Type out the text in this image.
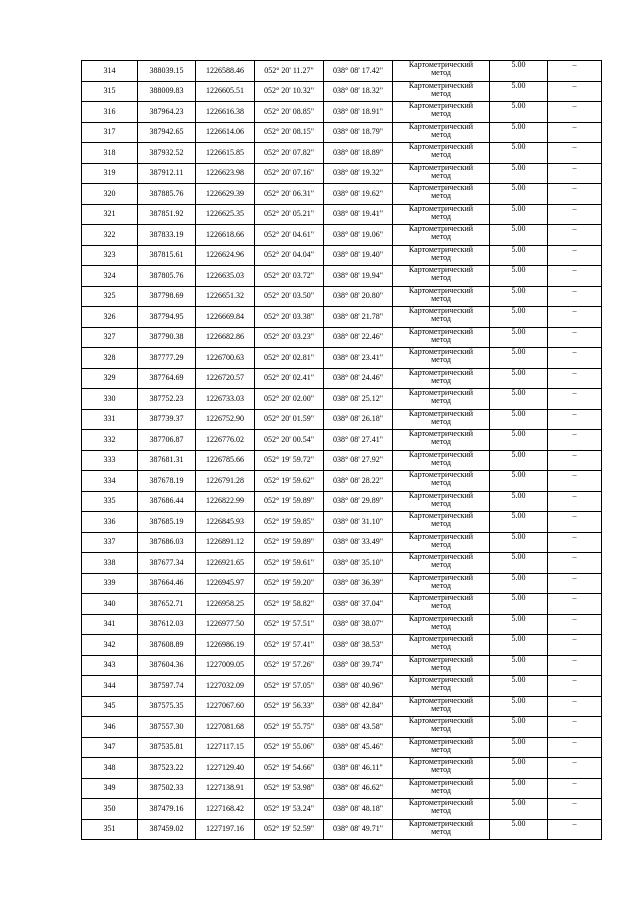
314	388039.15	1226588.46	052° 20' 11.27"	038° 08' 17.42"	Картометрический
метод	5.00	–
315	388009.83	1226605.51	052° 20' 10.32"	038° 08' 18.32"	Картометрический
метод	5.00	–
316	387964.23	1226616.38	052° 20' 08.85"	038° 08' 18.91"	Картометрический
метод	5.00	–
317	387942.65	1226614.06	052° 20' 08.15"	038° 08' 18.79"	Картометрический
метод	5.00	–
318	387932.52	1226615.85	052° 20' 07.82"	038° 08' 18.89"	Картометрический
метод	5.00	–
319	387912.11	1226623.98	052° 20' 07.16"	038° 08' 19.32"	Картометрический
метод	5.00	–
320	387885.76	1226629.39	052° 20' 06.31"	038° 08' 19.62"	Картометрический
метод	5.00	–
321	387851.92	1226625.35	052° 20' 05.21"	038° 08' 19.41"	Картометрический
метод	5.00	–
322	387833.19	1226618.66	052° 20' 04.61"	038° 08' 19.06"	Картометрический
метод	5.00	–
323	387815.61	1226624.96	052° 20' 04.04"	038° 08' 19.40"	Картометрический
метод	5.00	–
324	387805.76	1226635.03	052° 20' 03.72"	038° 08' 19.94"	Картометрический
метод	5.00	–
325	387798.69	1226651.32	052° 20' 03.50"	038° 08' 20.80"	Картометрический
метод	5.00	–
326	387794.95	1226669.84	052° 20' 03.38"	038° 08' 21.78"	Картометрический
метод	5.00	–
327	387790.38	1226682.86	052° 20' 03.23"	038° 08' 22.46"	Картометрический
метод	5.00	–
328	387777.29	1226700.63	052° 20' 02.81"	038° 08' 23.41"	Картометрический
метод	5.00	–
329	387764.69	1226720.57	052° 20' 02.41"	038° 08' 24.46"	Картометрический
метод	5.00	–
330	387752.23	1226733.03	052° 20' 02.00"	038° 08' 25.12"	Картометрический
метод	5.00	–
331	387739.37	1226752.90	052° 20' 01.59"	038° 08' 26.18"	Картометрический
метод	5.00	–
332	387706.87	1226776.02	052° 20' 00.54"	038° 08' 27.41"	Картометрический
метод	5.00	–
333	387681.31	1226785.66	052° 19' 59.72"	038° 08' 27.92"	Картометрический
метод	5.00	–
334	387678.19	1226791.28	052° 19' 59.62"	038° 08' 28.22"	Картометрический
метод	5.00	–
335	387686.44	1226822.99	052° 19' 59.89"	038° 08' 29.89"	Картометрический
метод	5.00	–
336	387685.19	1226845.93	052° 19' 59.85"	038° 08' 31.10"	Картометрический
метод	5.00	–
337	387686.03	1226891.12	052° 19' 59.89"	038° 08' 33.49"	Картометрический
метод	5.00	–
338	387677.34	1226921.65	052° 19' 59.61"	038° 08' 35.10"	Картометрический
метод	5.00	–
339	387664.46	1226945.97	052° 19' 59.20"	038° 08' 36.39"	Картометрический
метод	5.00	–
340	387652.71	1226958.25	052° 19' 58.82"	038° 08' 37.04"	Картометрический
метод	5.00	–
341	387612.03	1226977.50	052° 19' 57.51"	038° 08' 38.07"	Картометрический
метод	5.00	–
342	387608.89	1226986.19	052° 19' 57.41"	038° 08' 38.53"	Картометрический
метод	5.00	–
343	387604.36	1227009.05	052° 19' 57.26"	038° 08' 39.74"	Картометрический
метод	5.00	–
344	387597.74	1227032.09	052° 19' 57.05"	038° 08' 40.96"	Картометрический
метод	5.00	–
345	387575.35	1227067.60	052° 19' 56.33"	038° 08' 42.84"	Картометрический
метод	5.00	–
346	387557.30	1227081.68	052° 19' 55.75"	038° 08' 43.58"	Картометрический
метод	5.00	–
347	387535.81	1227117.15	052° 19' 55.06"	038° 08' 45.46"	Картометрический
метод	5.00	–
348	387523.22	1227129.40	052° 19' 54.66"	038° 08' 46.11"	Картометрический
метод	5.00	–
349	387502.33	1227138.91	052° 19' 53.98"	038° 08' 46.62"	Картометрический
метод	5.00	–
350	387479.16	1227168.42	052° 19' 53.24"	038° 08' 48.18"	Картометрический
метод	5.00	–
351	387459.02	1227197.16	052° 19' 52.59"	038° 08' 49.71"	Картометрический
метод	5.00	–
